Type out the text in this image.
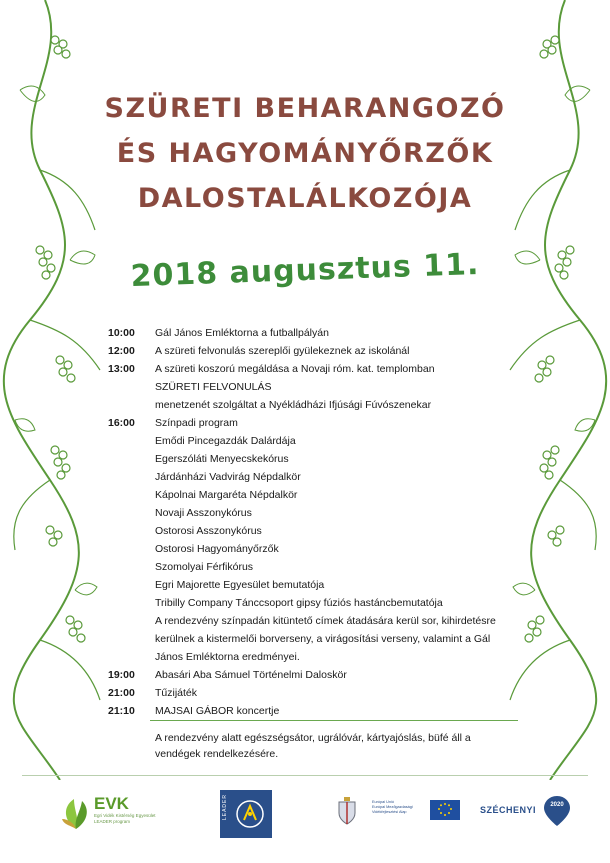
SZÜRETI BEHARANGOZÓ
ÉS HAGYOMÁNYŐRZŐK
DALOSTALÁLKOZÓJA
2018 augusztus 11.
10:00	Gál János Emléktorna a futballpályán
12:00	A szüreti felvonulás szereplői gyülekeznek az iskolánál
13:00	A szüreti koszorú megáldása a Novaji róm. kat. templomban
SZÜRETI FELVONULÁS
menetzenét szolgáltat a Nyékládházi Ifjúsági Fúvószenekar
16:00	Színpadi program
Emődi Pincegazdák Dalárdája
Egerszóláti Menyecskekórus
Járdánházi Vadvirág Népdalkör
Kápolnai Margaréta Népdalkör
Novaji Asszonykórus
Ostorosi Asszonykórus
Ostorosi Hagyományőrzők
Szomolyai Férfikórus
Egri Majorette Egyesület bemutatója
Tribilly Company Tánccsoport gipsy fúziós hastáncbemutatója
A rendezvény színpadán kitüntető címek átadására kerül sor, kihirdetésre kerülnek a kistermelői borverseny, a virágosítási verseny, valamint a Gál János Emléktorna eredményei.
19:00	Abasári Aba Sámuel Történelmi Daloskör
21:00	Tűzijáték
21:10	MAJSAI GÁBOR koncertje
A rendezvény alatt egészségsátor, ugrálóvár, kártyajóslás, büfé áll a vendégek rendelkezésére.
EVK
Egri Vidék Kistérség Egyesület
LEADER program
LEADER	Európai Unió
Európai Mezőgazdasági
Vidékfejlesztési Alap	SZÉCHENYI	2020
